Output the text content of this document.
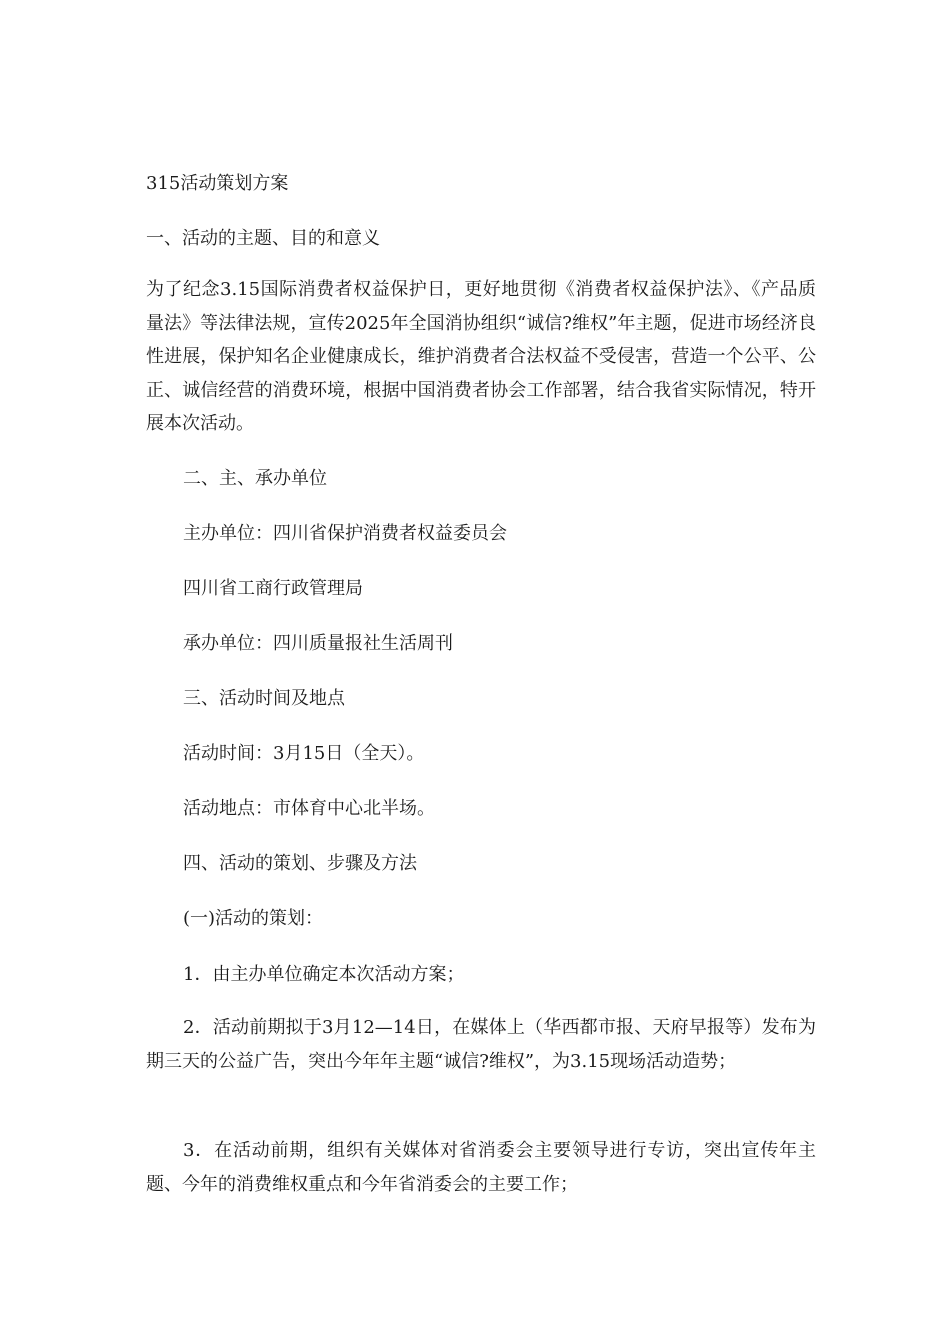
315活动策划方案

一、活动的主题、目的和意义

为了纪念3.15国际消费者权益保护日，更好地贯彻《消费者权益保护法》、《产品质量法》等法律法规，宣传2025年全国消协组织“诚信?维权”年主题，促进市场经济良性进展，保护知名企业健康成长，维护消费者合法权益不受侵害，营造一个公平、公正、诚信经营的消费环境，根据中国消费者协会工作部署，结合我省实际情况，特开展本次活动。

二、主、承办单位

主办单位：四川省保护消费者权益委员会

四川省工商行政管理局

承办单位：四川质量报社生活周刊

三、活动时间及地点

活动时间：3月15日（全天）。

活动地点：市体育中心北半场。

四、活动的策划、步骤及方法

(一)活动的策划：

1．由主办单位确定本次活动方案；

2．活动前期拟于3月12—14日，在媒体上（华西都市报、天府早报等）发布为期三天的公益广告，突出今年年主题“诚信?维权”，为3.15现场活动造势；

3．在活动前期，组织有关媒体对省消委会主要领导进行专访，突出宣传年主题、今年的消费维权重点和今年省消委会的主要工作；
